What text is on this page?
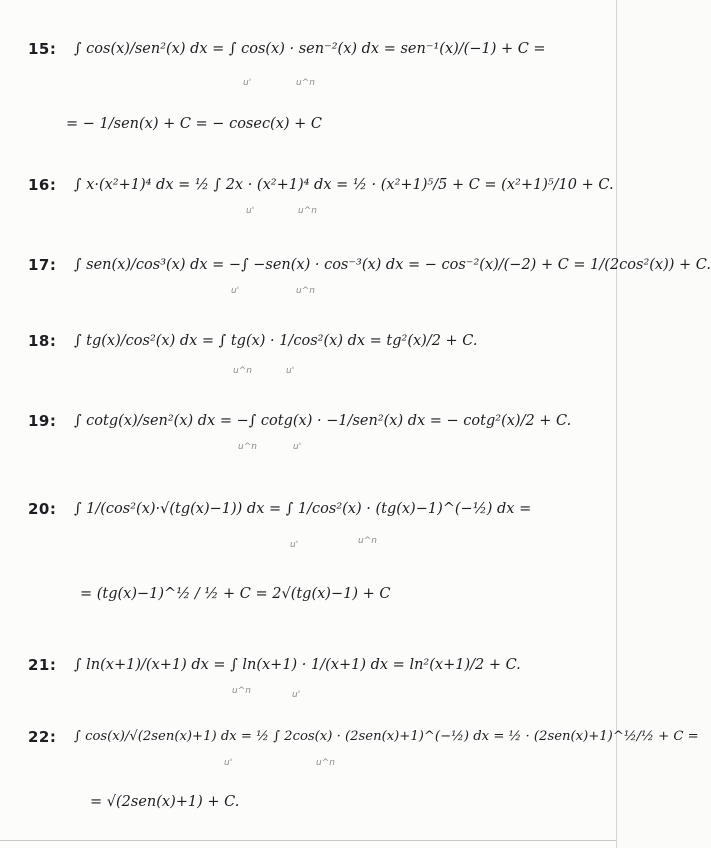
15: ∫ cos(x)/sen²(x) dx = ∫ cos(x) · sen⁻²(x) dx = sen⁻¹(x)/(−1) + C =
u'	u^n
= − 1/sen(x) + C = − cosec(x) + C
16: ∫ x·(x²+1)⁴ dx = ½ ∫ 2x · (x²+1)⁴ dx = ½ · (x²+1)⁵/5 + C = (x²+1)⁵/10 + C.
u'	u^n
17: ∫ sen(x)/cos³(x) dx = −∫ −sen(x) · cos⁻³(x) dx = − cos⁻²(x)/(−2) + C = 1/(2cos²(x)) + C.
u'	u^n
18: ∫ tg(x)/cos²(x) dx = ∫ tg(x) · 1/cos²(x) dx = tg²(x)/2 + C.
u^n	u'
19: ∫ cotg(x)/sen²(x) dx = −∫ cotg(x) · −1/sen²(x) dx = − cotg²(x)/2 + C.
u^n	u'
20: ∫ 1/(cos²(x)·√(tg(x)−1)) dx = ∫ 1/cos²(x) · (tg(x)−1)^(−½) dx =
u'	u^n
= (tg(x)−1)^½ / ½ + C = 2√(tg(x)−1) + C
21: ∫ ln(x+1)/(x+1) dx = ∫ ln(x+1) · 1/(x+1) dx = ln²(x+1)/2 + C.
u^n	u'
22: ∫ cos(x)/√(2sen(x)+1) dx = ½ ∫ 2cos(x) · (2sen(x)+1)^(−½) dx = ½ · (2sen(x)+1)^½/½ + C =
u'	u^n
= √(2sen(x)+1) + C.
